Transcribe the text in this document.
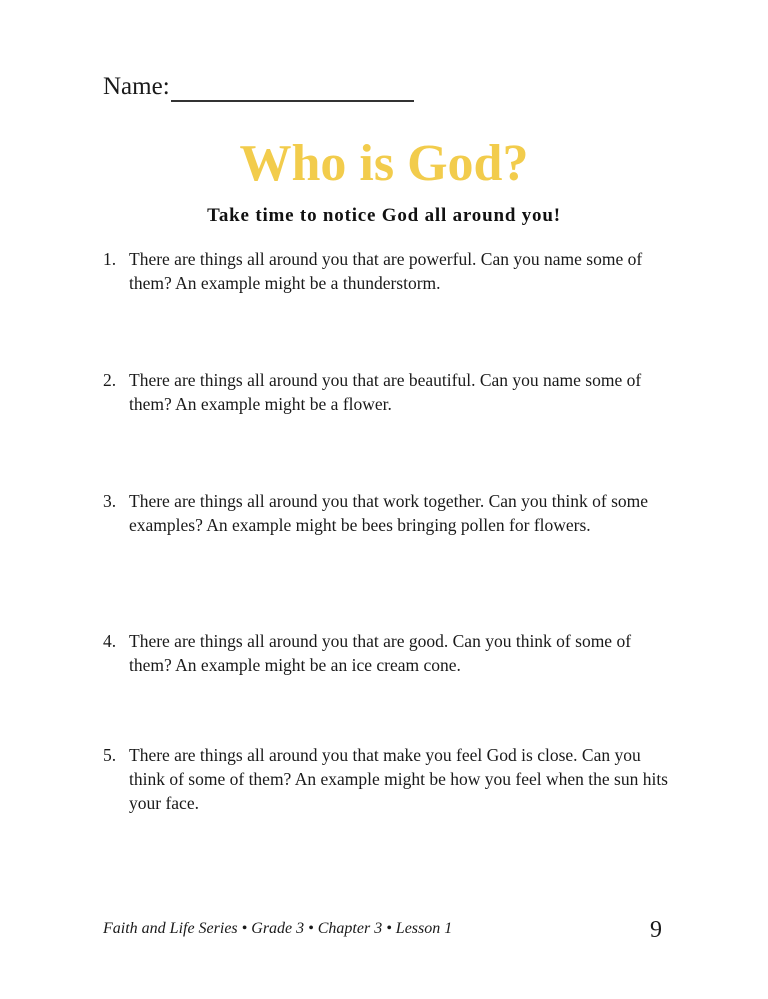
Name:
Who is God?
Take time to notice God all around you!
1. There are things all around you that are powerful. Can you name some of them? An example might be a thunderstorm.
2. There are things all around you that are beautiful. Can you name some of them? An example might be a flower.
3. There are things all around you that work together. Can you think of some examples? An example might be bees bringing pollen for flowers.
4. There are things all around you that are good. Can you think of some of them? An example might be an ice cream cone.
5. There are things all around you that make you feel God is close. Can you think of some of them? An example might be how you feel when the sun hits your face.
Faith and Life Series • Grade 3 • Chapter 3 • Lesson 1	9
